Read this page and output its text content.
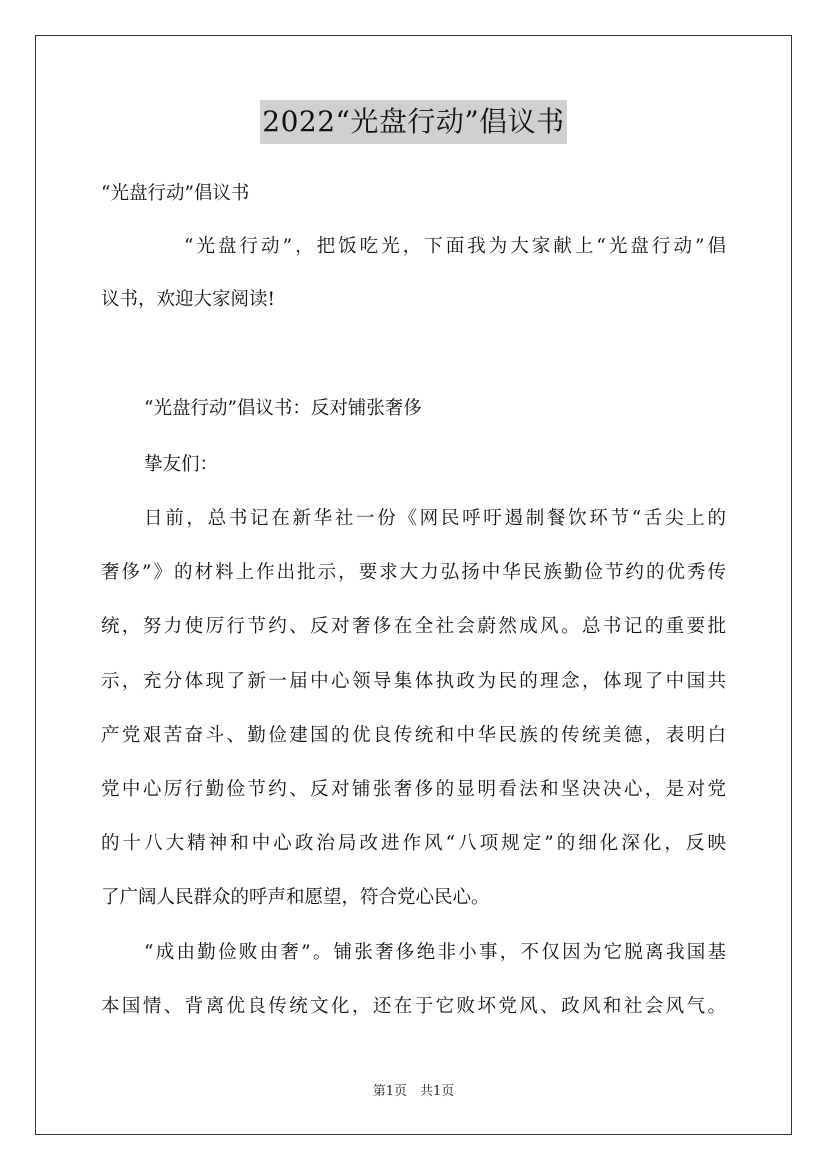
2022“光盘行动”倡议书
“光盘行动”倡议书
“光盘行动”，把饭吃光，下面我为大家献上“光盘行动”倡
议书，欢迎大家阅读!
“光盘行动”倡议书：反对铺张奢侈
挚友们：
日前，总书记在新华社一份《网民呼吁遏制餐饮环节“舌尖上的
奢侈”》的材料上作出批示，要求大力弘扬中华民族勤俭节约的优秀传
统，努力使厉行节约、反对奢侈在全社会蔚然成风。总书记的重要批
示，充分体现了新一届中心领导集体执政为民的理念，体现了中国共
产党艰苦奋斗、勤俭建国的优良传统和中华民族的传统美德，表明白
党中心厉行勤俭节约、反对铺张奢侈的显明看法和坚决决心，是对党
的十八大精神和中心政治局改进作风“八项规定”的细化深化，反映
了广阔人民群众的呼声和愿望，符合党心民心。
“成由勤俭败由奢”。铺张奢侈绝非小事，不仅因为它脱离我国基
本国情、背离优良传统文化，还在于它败坏党风、政风和社会风气。
第1页　共1页
